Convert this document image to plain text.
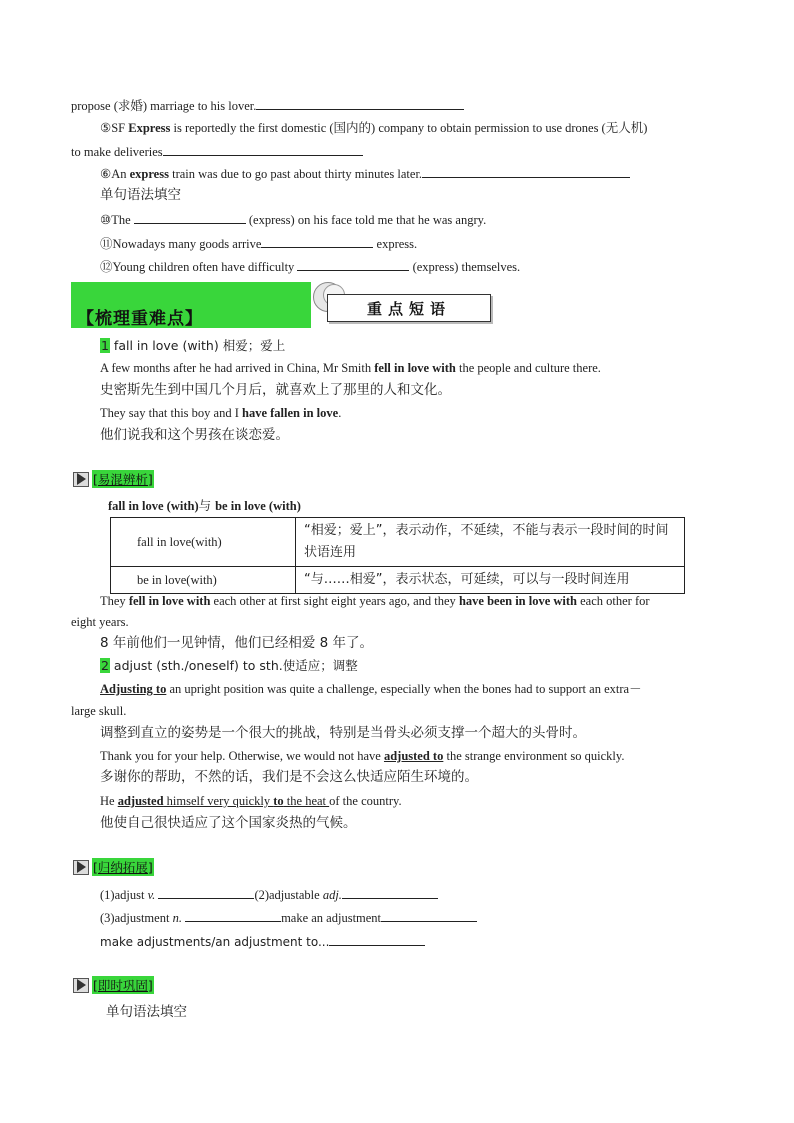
propose (求婚) marriage to his lover.
⑤SF Express is reportedly the first domestic (国内的) company to obtain permission to use drones (无人机)
to make deliveries
⑥An express train was due to go past about thirty minutes later.
单句语法填空
⑩The	(express) on his face told me that he was angry.
⑪Nowadays many goods arrive	express.
⑫Young children often have difficulty	(express) themselves.
【梳理重难点】	重点短语
1 fall in love (with) 相爱；爱上
A few months after he had arrived in China, Mr Smith fell in love with the people and culture there.
史密斯先生到中国几个月后，就喜欢上了那里的人和文化。
They say that this boy and I have fallen in love.
他们说我和这个男孩在谈恋爱。
[易混辨析]
fall in love (with)与 be in love (with)
fall in love(with)	“相爱；爱上”，表示动作，不延续，不能与表示一段时间的时间状语连用
be in love(with)	“与……相爱”，表示状态，可延续，可以与一段时间连用
They fell in love with each other at first sight eight years ago, and they have been in love with each other for
eight years.
8 年前他们一见钟情，他们已经相爱 8 年了。
2 adjust (sth./oneself) to sth.使适应；调整
Adjusting to an upright position was quite a challenge, especially when the bones had to support an extra－
large skull.
调整到直立的姿势是一个很大的挑战，特别是当骨头必须支撑一个超大的头骨时。
Thank you for your help. Otherwise, we would not have adjusted to the strange environment so quickly.
多谢你的帮助，不然的话，我们是不会这么快适应陌生环境的。
He adjusted himself very quickly to the heat of the country.
他使自己很快适应了这个国家炎热的气候。
[归纳拓展]
(1)adjust v.	(2)adjustable adj.
(3)adjustment n.	make an adjustment
make adjustments/an adjustment to...
[即时巩固]
单句语法填空
